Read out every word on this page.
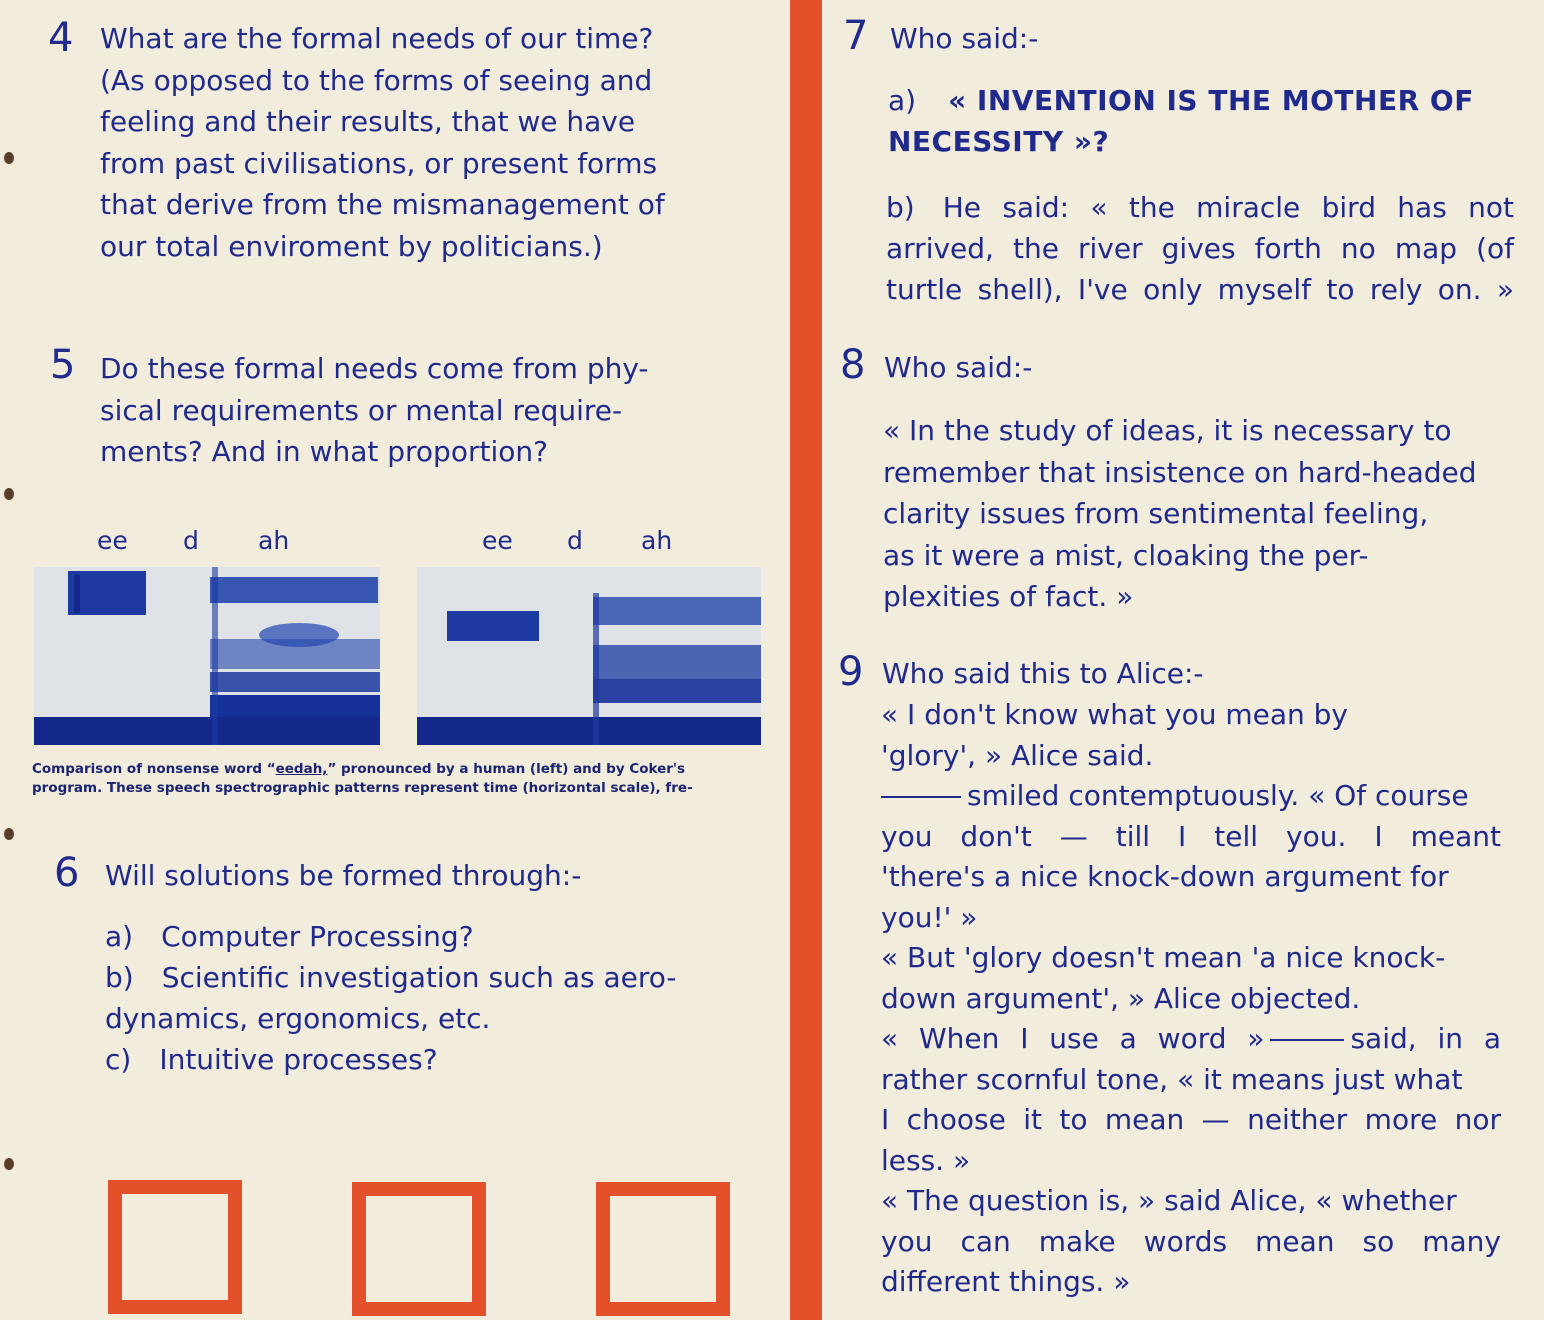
4 What are the formal needs of our time?
(As opposed to the forms of seeing and
feeling and their results, that we have
from past civilisations, or present forms
that derive from the mismanagement of
our total enviroment by politicians.)
5 Do these formal needs come from phy-
sical requirements or mental require-
ments? And in what proportion?
ee d ah	ee d ah
Comparison of nonsense word “eedah,” pronounced by a human (left) and by Coker's
program. These speech spectrographic patterns represent time (horizontal scale), fre-
6 Will solutions be formed through:-
a) Computer Processing?
b) Scientific investigation such as aero-
dynamics, ergonomics, etc.
c) Intuitive processes?
7 Who said:-
a) « INVENTION IS THE MOTHER OF
NECESSITY »?
b) He said: « the miracle bird has not
arrived, the river gives forth no map (of
turtle shell), I've only myself to rely on. »
8 Who said:-
« In the study of ideas, it is necessary to
remember that insistence on hard-headed
clarity issues from sentimental feeling,
as it were a mist, cloaking the per-
plexities of fact. »
9 Who said this to Alice:-
« I don't know what you mean by
'glory', » Alice said.
smiled contemptuously. « Of course
you don't — till I tell you. I meant
'there's a nice knock-down argument for
you!' »
« But 'glory doesn't mean 'a nice knock-
down argument', » Alice objected.
« When I use a word »	said, in a
rather scornful tone, « it means just what
I choose it to mean — neither more nor
less. »
« The question is, » said Alice, « whether
you can make words mean so many
different things. »
